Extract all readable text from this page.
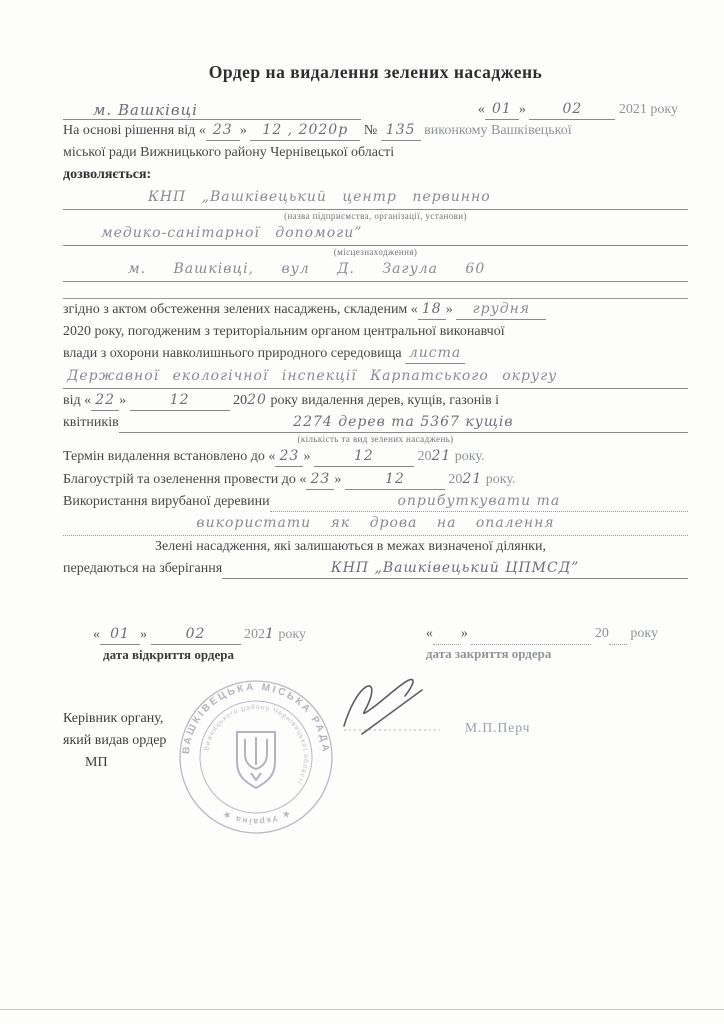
Ордер на видалення зелених насаджень
м. Вашківці	« 01 »	02	2021 року

На основі рішення від « 23 » 12 , 2020р № 135 виконкому Вашківецької

міської ради Вижницького району Чернівецької області

дозволяється:

КНП „Вашківецький центр первинно
(назва підприємства, організації, установи)
медико-санітарної допомоги”
(місцезнаходження)
м. Вашківці, вул Д. Загула 60

згідно з актом обстеження зелених насаджень, складеним « 18 » грудня

2020 року, погодженим з територіальним органом центральної виконавчої

влади з охорони навколишнього природного середовища листа

Державної екологічної інспекції Карпатського округу

від « 22 »	12	2020 року видалення дерев, кущів, газонів і

квітників	2274 дерев та 5367 кущів
(кількість та вид зелених насаджень)

Термін видалення встановлено до « 23 »	12	2021 року.

Благоустрій та озеленення провести до « 23 »	12	2021 року.

Використання вирубаної деревини	оприбуткувати та
використати як дрова на опалення

Зелені насадження, які залишаються в межах визначеної ділянки,

передаються на зберігання	КНП „Вашківецький ЦПМСД”

« 01 »	02	2021 року

дата відкриття ордера

« »	20 року

дата закриття ордера

Керівник органу,

який видав ордер

МП

ВАШКІВЕЦЬКА МІСЬКА РАДА
★ Україна ★
Вижницького району Чернівецької області
М.П.Перч
